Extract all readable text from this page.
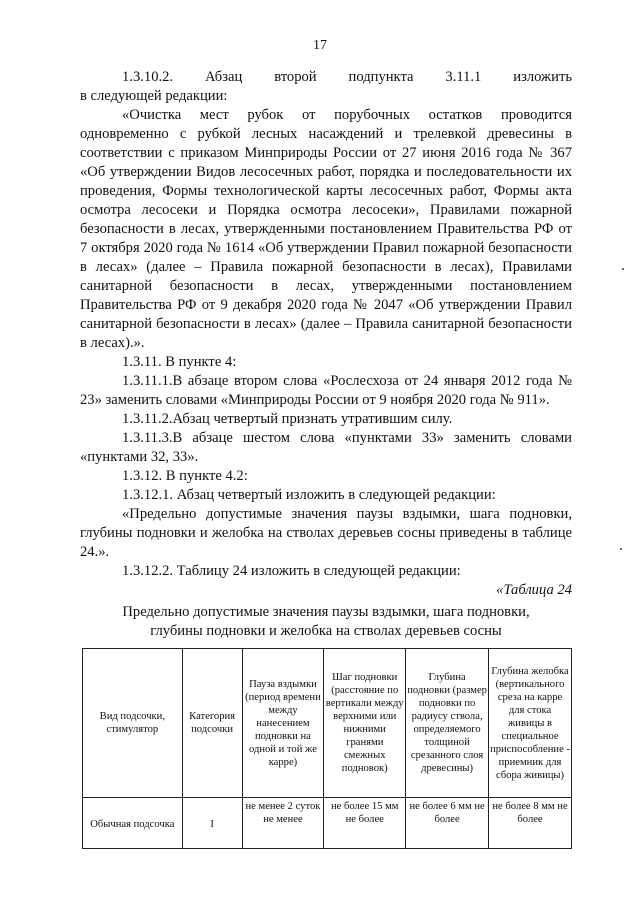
17

1.3.10.2. Абзац второй подпункта 3.11.1 изложить

в следующей редакции:

«Очистка мест рубок от порубочных остатков проводится одновременно с рубкой лесных насаждений и трелевкой древесины в соответствии с приказом Минприроды России от 27 июня 2016 года № 367 «Об утверждении Видов лесосечных работ, порядка и последовательности их проведения, Формы технологической карты лесосечных работ, Формы акта осмотра лесосеки и Порядка осмотра лесосеки», Правилами пожарной безопасности в лесах, утвержденными постановлением Правительства РФ от 7 октября 2020 года № 1614 «Об утверждении Правил пожарной безопасности в лесах» (далее – Правила пожарной безопасности в лесах), Правилами санитарной безопасности в лесах, утвержденными постановлением Правительства РФ от 9 декабря 2020 года № 2047 «Об утверждении Правил санитарной безопасности в лесах» (далее – Правила санитарной безопасности в лесах).».

1.3.11. В пункте 4:

1.3.11.1.В абзаце втором слова «Рослесхоза от 24 января 2012 года № 23» заменить словами «Минприроды России от 9 ноября 2020 года № 911».

1.3.11.2.Абзац четвертый признать утратившим силу.

1.3.11.3.В абзаце шестом слова «пунктами 33» заменить словами «пунктами 32, 33».

1.3.12. В пункте 4.2:

1.3.12.1. Абзац четвертый изложить в следующей редакции:

«Предельно допустимые значения паузы вздымки, шага подновки, глубины подновки и желобка на стволах деревьев сосны приведены в таблице 24.».

1.3.12.2. Таблицу 24 изложить в следующей редакции:

«Таблица 24

Предельно допустимые значения паузы вздымки, шага подновки,
глубины подновки и желобка на стволах деревьев сосны

Вид подсочки, стимулятор	Категория подсочки	Пауза вздымки (период времени между нанесением подновки на одной и той же карре)	Шаг подновки (расстояние по вертикали между верхними или нижними гранями смежных подновок)	Глубина подновки (размер подновки по радиусу ствола, определяемого толщиной срезанного слоя древесины)	Глубина желобка (вертикального среза на карре для стока живицы в специальное приспособление - приемник для сбора живицы)

Обычная подсочка	I	не менее 2 суток не менее	не более 15 мм не более	не более 6 мм не более	не более 8 мм не более
